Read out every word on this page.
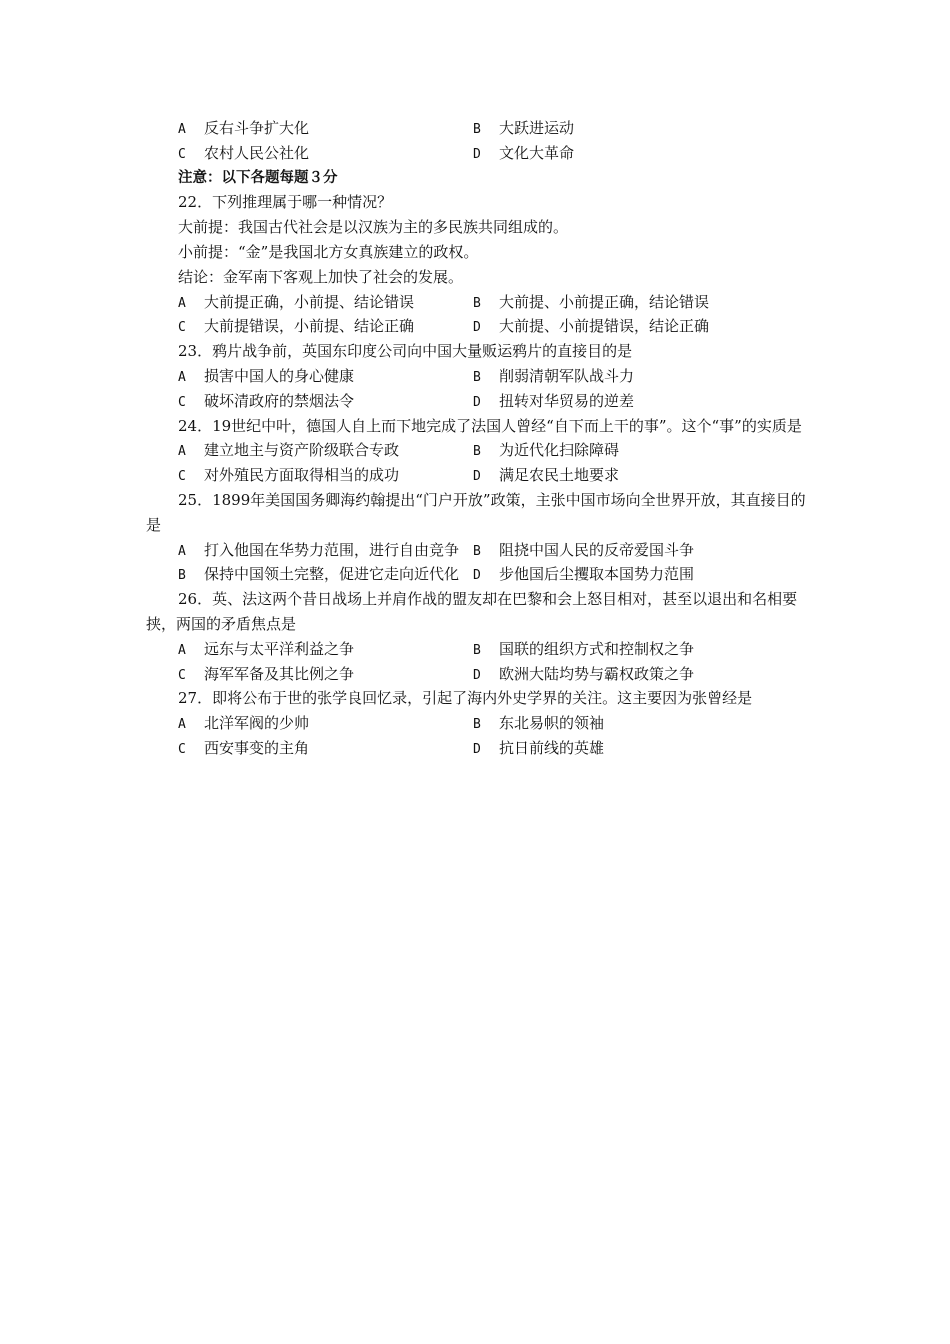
A 反右斗争扩大化	B 大跃进运动
C 农村人民公社化	D 文化大革命
注意：以下各题每题３分
22．下列推理属于哪一种情况？
大前提：我国古代社会是以汉族为主的多民族共同组成的。
小前提：“金”是我国北方女真族建立的政权。
结论：金军南下客观上加快了社会的发展。
A 大前提正确，小前提、结论错误	B 大前提、小前提正确，结论错误
C 大前提错误，小前提、结论正确	D 大前提、小前提错误，结论正确
23．鸦片战争前，英国东印度公司向中国大量贩运鸦片的直接目的是
A 损害中国人的身心健康	B 削弱清朝军队战斗力
C 破坏清政府的禁烟法令	D 扭转对华贸易的逆差
24．19世纪中叶，德国人自上而下地完成了法国人曾经“自下而上干的事”。这个“事”的实质是
A 建立地主与资产阶级联合专政	B 为近代化扫除障碍
C 对外殖民方面取得相当的成功	D 满足农民土地要求
25．1899年美国国务卿海约翰提出“门户开放”政策，主张中国市场向全世界开放，其直接目的是
A 打入他国在华势力范围，进行自由竞争 B 阻挠中国人民的反帝爱国斗争
B 保持中国领土完整，促进它走向近代化 D 步他国后尘攫取本国势力范围
26．英、法这两个昔日战场上并肩作战的盟友却在巴黎和会上怒目相对，甚至以退出和名相要挟，两国的矛盾焦点是
A 远东与太平洋利益之争	B 国联的组织方式和控制权之争
C 海军军备及其比例之争	D 欧洲大陆均势与霸权政策之争
27．即将公布于世的张学良回忆录，引起了海内外史学界的关注。这主要因为张曾经是
A 北洋军阀的少帅	B 东北易帜的领袖
C 西安事变的主角	D 抗日前线的英雄
